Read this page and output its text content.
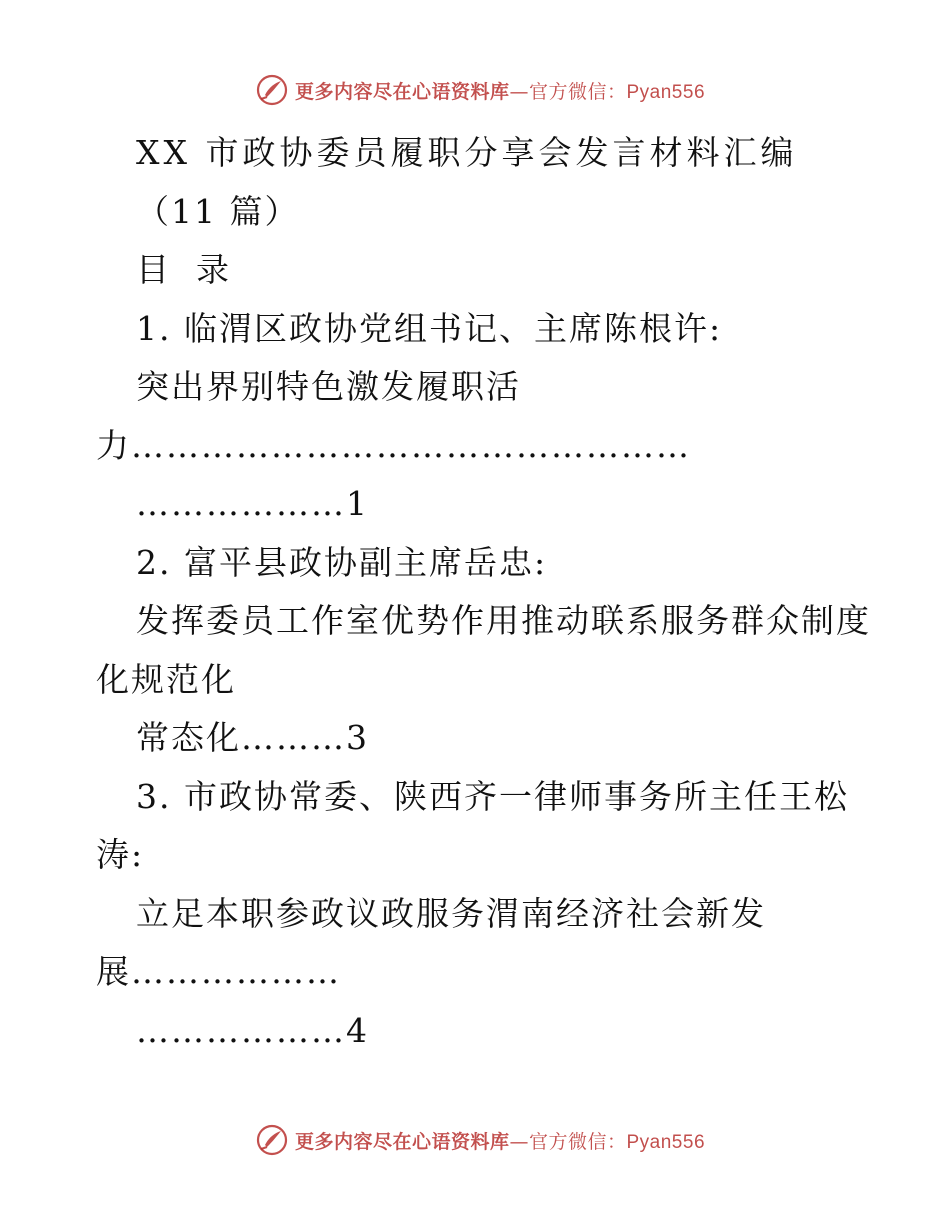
更多内容尽在心语资料库—官方微信：Pyan556
XX 市政协委员履职分享会发言材料汇编
（11 篇）
目  录
1. 临渭区政协党组书记、主席陈根许:
突出界别特色激发履职活
力…………………………………………
………………1
2. 富平县政协副主席岳忠:
发挥委员工作室优势作用推动联系服务群众制度
化规范化
常态化………3
3. 市政协常委、陕西齐一律师事务所主任王松
涛:
立足本职参政议政服务渭南经济社会新发
展………………
………………4
更多内容尽在心语资料库—官方微信：Pyan556
